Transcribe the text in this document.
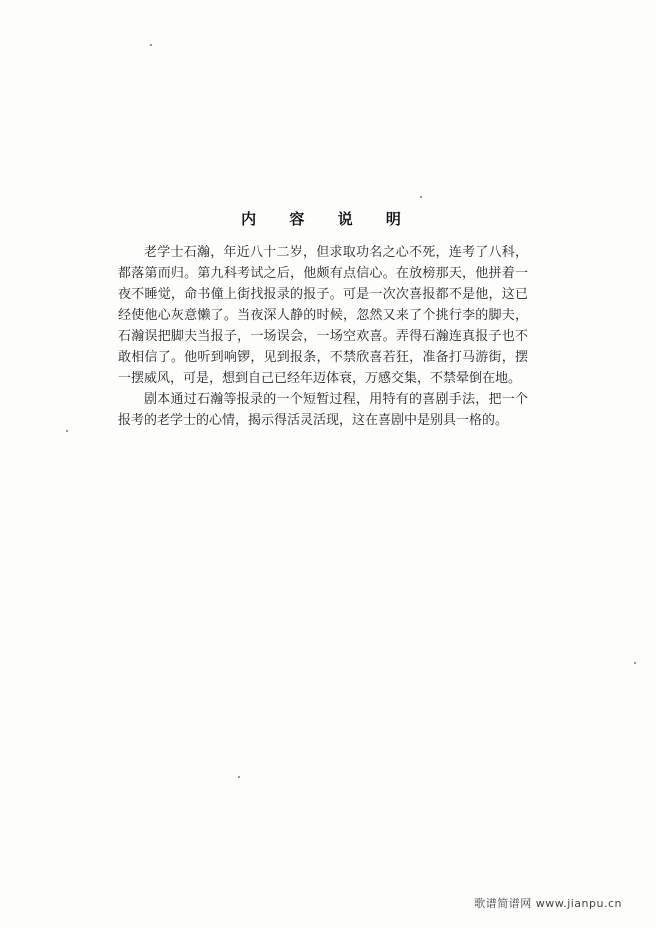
内 容 说 明

老学士石瀚，年近八十二岁，但求取功名之心不死，连考了八科，都落第而归。第九科考试之后，他颇有点信心。在放榜那天，他拼着一夜不睡觉，命书僮上街找报录的报子。可是一次次喜报都不是他，这已经使他心灰意懒了。当夜深人静的时候，忽然又来了个挑行李的脚夫，石瀚误把脚夫当报子，一场误会，一场空欢喜。弄得石瀚连真报子也不敢相信了。他听到响锣，见到报条，不禁欣喜若狂，准备打马游街，摆一摆威风，可是，想到自己已经年迈体衰，万感交集，不禁晕倒在地。

剧本通过石瀚等报录的一个短暂过程，用特有的喜剧手法，把一个报考的老学士的心情，揭示得活灵活现，这在喜剧中是别具一格的。

歌谱简谱网 www.jianpu.cn
